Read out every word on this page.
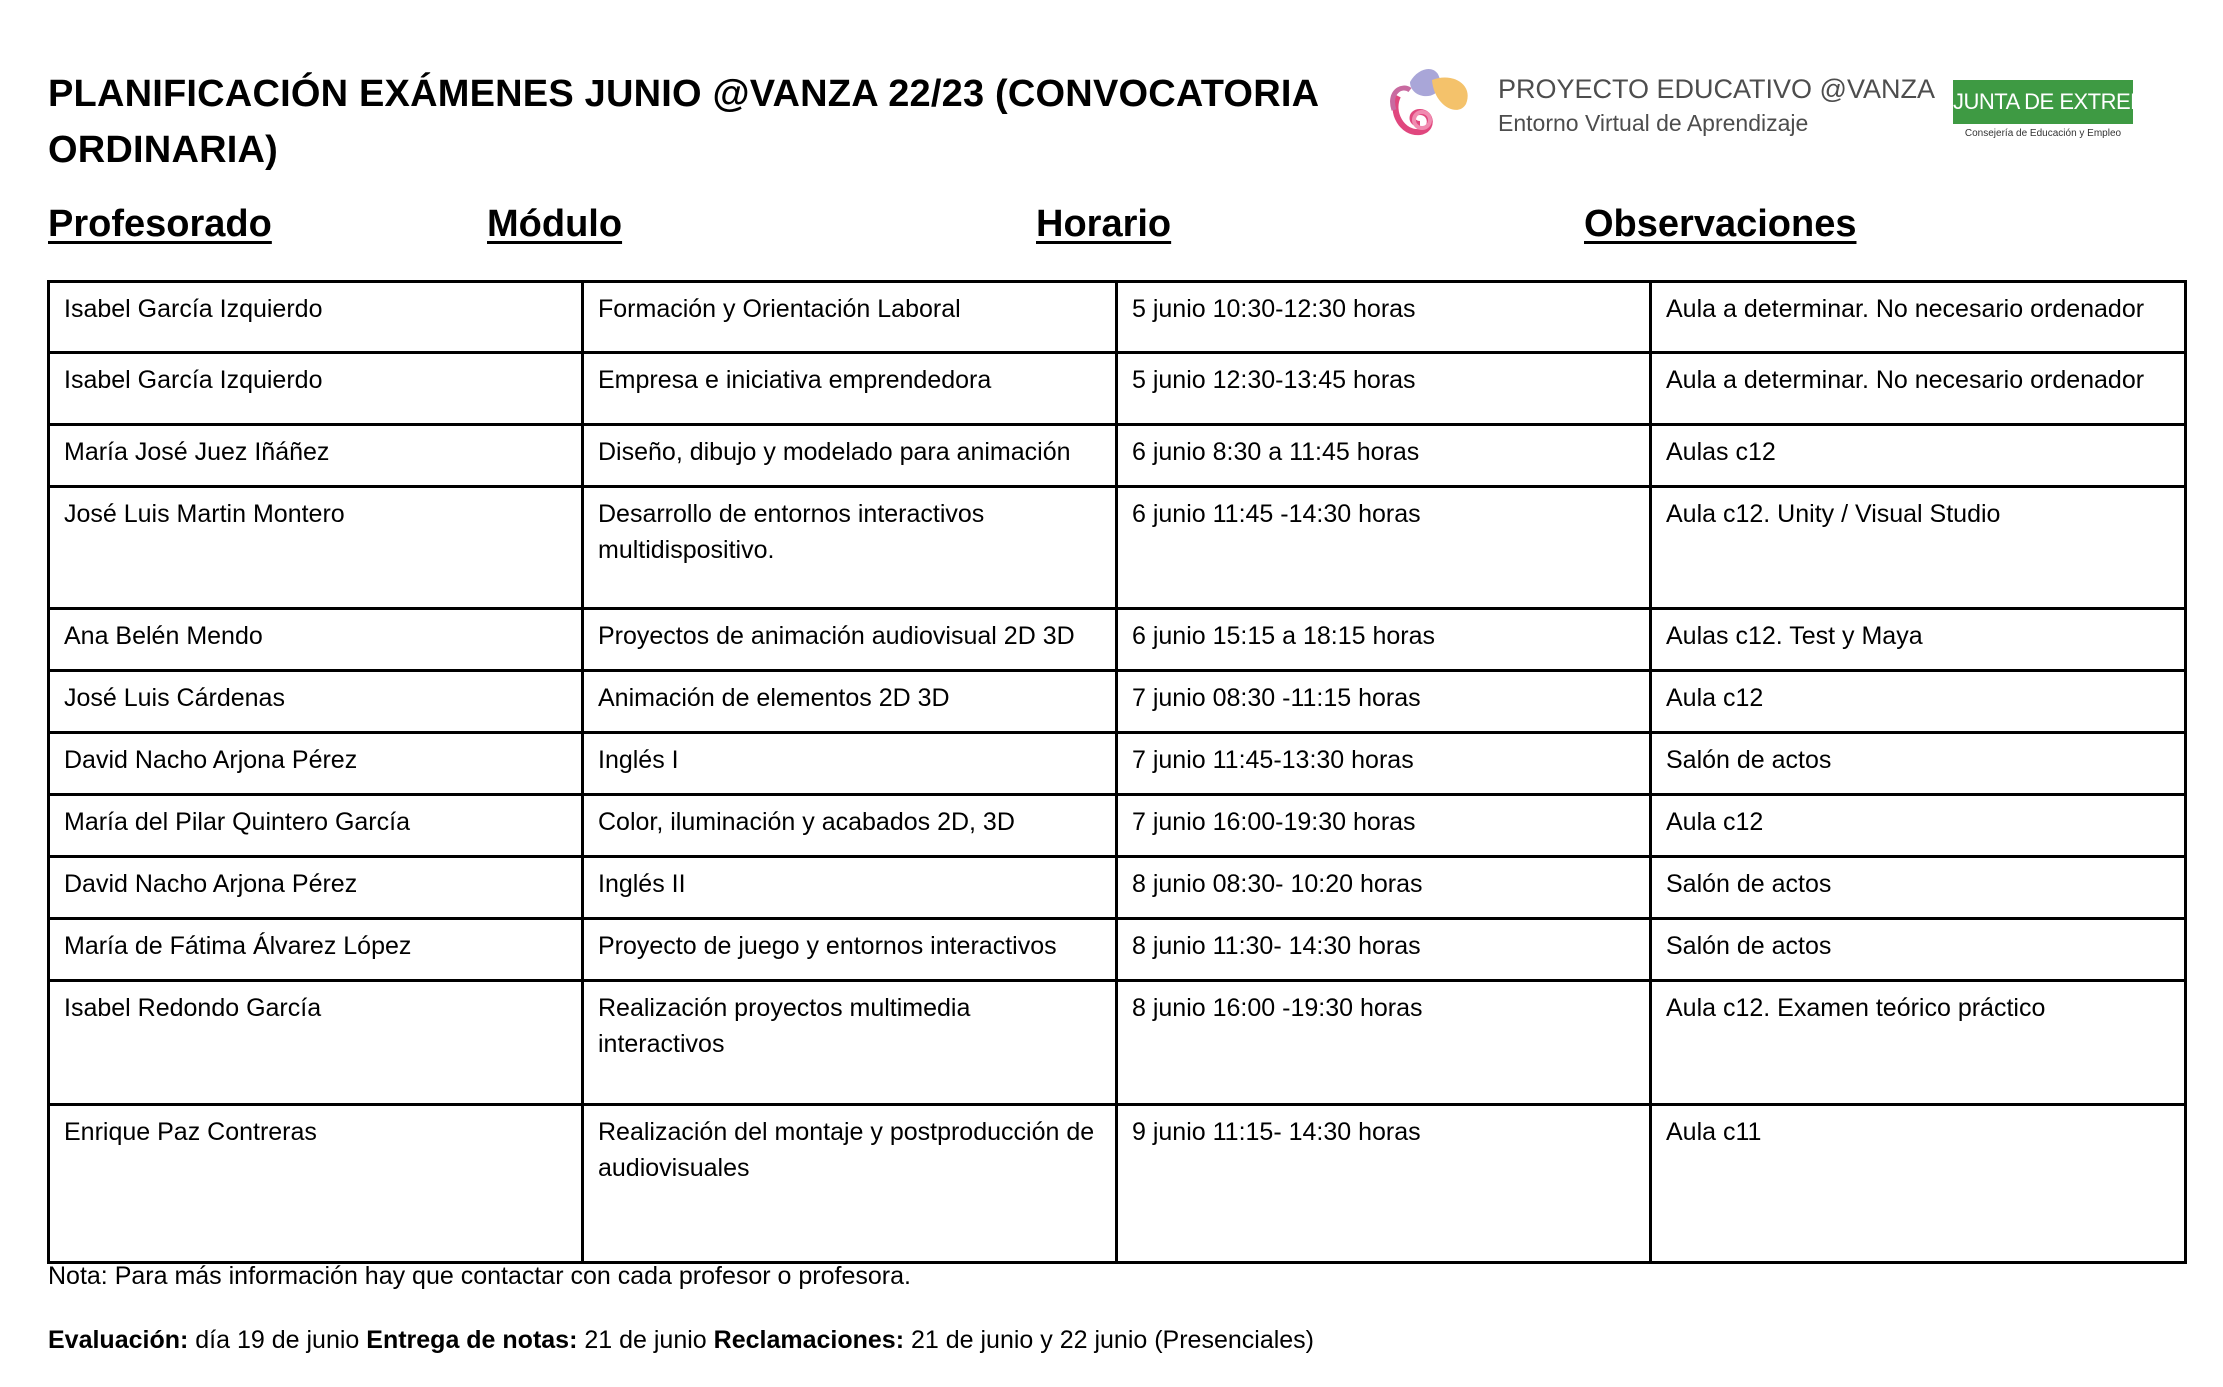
PLANIFICACIÓN EXÁMENES JUNIO @VANZA 22/23 (CONVOCATORIA ORDINARIA)
PROYECTO EDUCATIVO @VANZA
Entorno Virtual de Aprendizaje
JUNTA DE EXTREMADURA
Consejería de Educación y Empleo
Profesorado	Módulo	Horario	Observaciones
Isabel García Izquierdo	Formación y Orientación Laboral	5 junio 10:30-12:30 horas	Aula a determinar. No necesario ordenador
Isabel García Izquierdo	Empresa e iniciativa emprendedora	5 junio 12:30-13:45 horas	Aula a determinar. No necesario ordenador
María José Juez Iñáñez	Diseño, dibujo y modelado para animación	6 junio 8:30 a 11:45 horas	Aulas c12
José Luis Martin Montero	Desarrollo de entornos interactivos multidispositivo.	6 junio 11:45 -14:30 horas	Aula c12. Unity / Visual Studio
Ana Belén Mendo	Proyectos de animación audiovisual 2D 3D	6 junio 15:15 a 18:15 horas	Aulas c12. Test y Maya
José Luis Cárdenas	Animación de elementos 2D 3D	7 junio 08:30 -11:15 horas	Aula c12
David Nacho Arjona Pérez	Inglés I	7 junio 11:45-13:30 horas	Salón de actos
María del Pilar Quintero García	Color, iluminación y acabados 2D, 3D	7 junio 16:00-19:30 horas	Aula c12
David Nacho Arjona Pérez	Inglés II	8 junio 08:30- 10:20 horas	Salón de actos
María de Fátima Álvarez López	Proyecto de juego y entornos interactivos	8 junio 11:30- 14:30 horas	Salón de actos
Isabel Redondo García	Realización proyectos multimedia interactivos	8 junio 16:00 -19:30 horas	Aula c12. Examen teórico práctico
Enrique Paz Contreras	Realización del montaje y postproducción de audiovisuales	9 junio 11:15- 14:30 horas	Aula c11
Nota: Para más información hay que contactar con cada profesor o profesora.
Evaluación: día 19 de junio Entrega de notas: 21 de junio Reclamaciones: 21 de junio y 22 junio (Presenciales)
